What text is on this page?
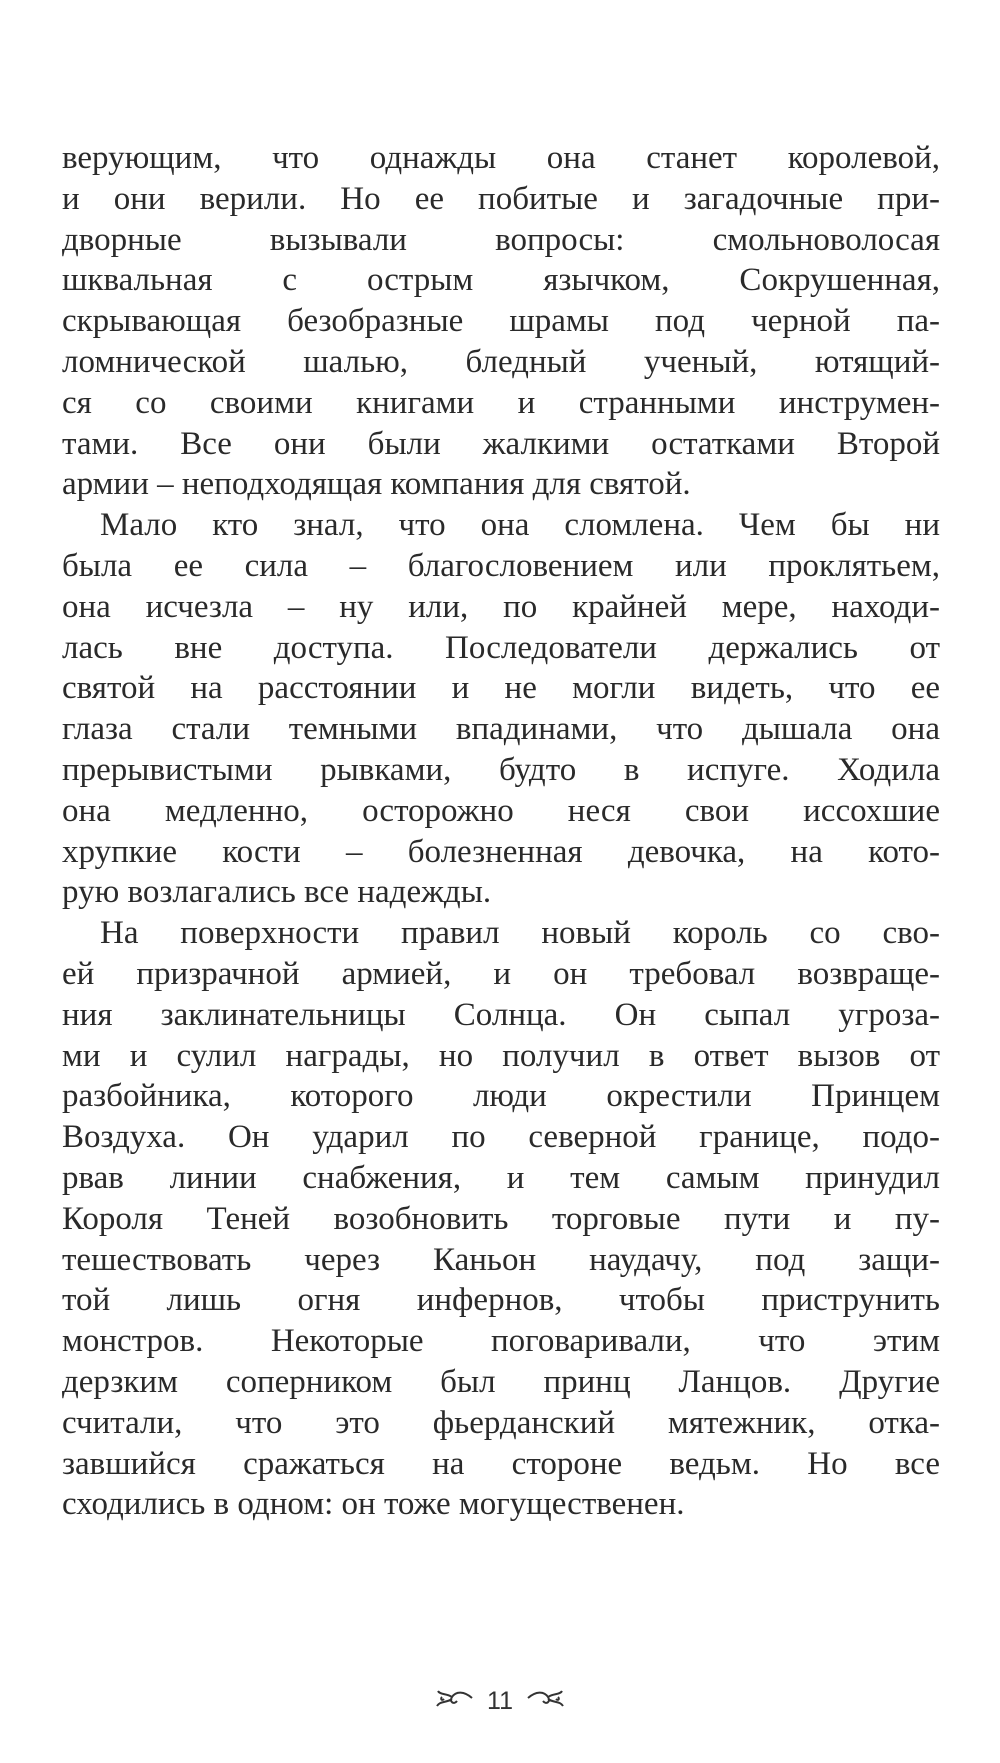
верующим, что однажды она станет королевой,
и они верили. Но ее побитые и загадочные при-
дворные вызывали вопросы: смольноволосая
шквальная с острым язычком, Сокрушенная,
скрывающая безобразные шрамы под черной па-
ломнической шалью, бледный ученый, ютящий-
ся со своими книгами и странными инструмен-
тами. Все они были жалкими остатками Второй
армии – неподходящая компания для святой.
Мало кто знал, что она сломлена. Чем бы ни
была ее сила – благословением или проклятьем,
она исчезла – ну или, по крайней мере, находи-
лась вне доступа. Последователи держались от
святой на расстоянии и не могли видеть, что ее
глаза стали темными впадинами, что дышала она
прерывистыми рывками, будто в испуге. Ходила
она медленно, осторожно неся свои иссохшие
хрупкие кости – болезненная девочка, на кото-
рую возлагались все надежды.
На поверхности правил новый король со сво-
ей призрачной армией, и он требовал возвраще-
ния заклинательницы Солнца. Он сыпал угроза-
ми и сулил награды, но получил в ответ вызов от
разбойника, которого люди окрестили Принцем
Воздуха. Он ударил по северной границе, подо-
рвав линии снабжения, и тем самым принудил
Короля Теней возобновить торговые пути и пу-
тешествовать через Каньон наудачу, под защи-
той лишь огня инфернов, чтобы приструнить
монстров. Некоторые поговаривали, что этим
дерзким соперником был принц Ланцов. Другие
считали, что это фьерданский мятежник, отка-
завшийся сражаться на стороне ведьм. Но все
сходились в одном: он тоже могущественен.
11
